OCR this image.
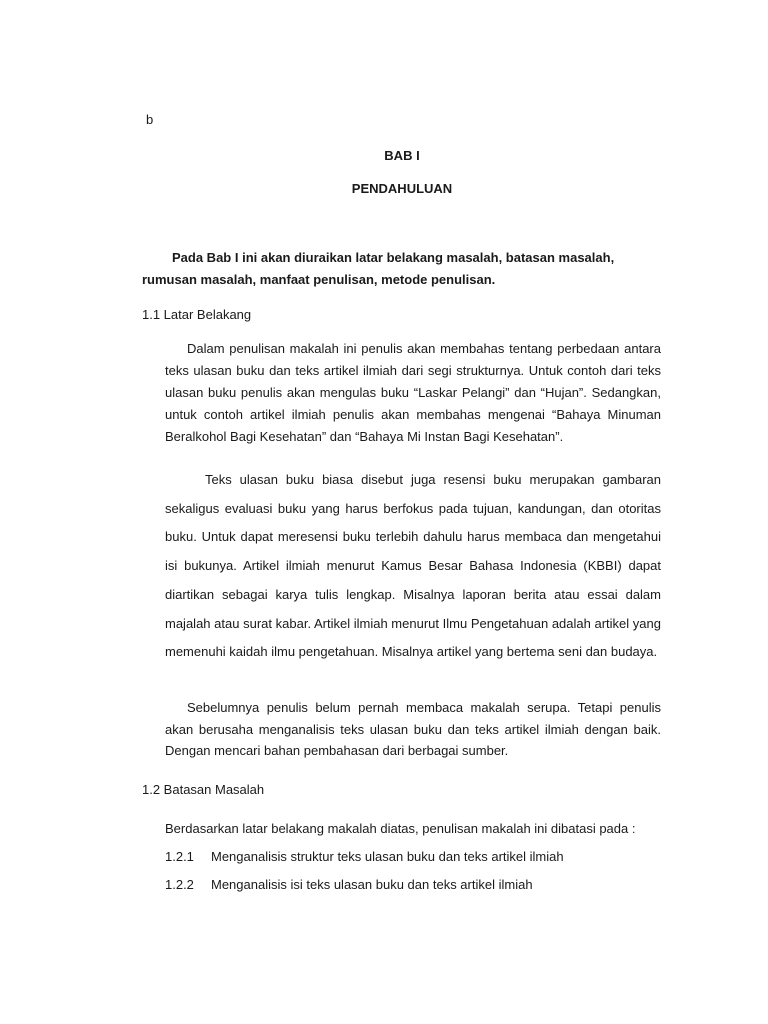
b
BAB I
PENDAHULUAN
Pada Bab I ini akan diuraikan latar belakang masalah, batasan masalah, rumusan masalah, manfaat penulisan, metode penulisan.
1.1 Latar Belakang
Dalam penulisan makalah ini penulis akan membahas tentang perbedaan antara teks ulasan buku dan teks artikel ilmiah dari segi strukturnya. Untuk contoh dari teks ulasan buku penulis akan mengulas buku “Laskar Pelangi” dan “Hujan”. Sedangkan, untuk contoh artikel ilmiah penulis akan membahas mengenai “Bahaya Minuman Beralkohol Bagi Kesehatan” dan “Bahaya Mi Instan Bagi Kesehatan”.
Teks ulasan buku biasa disebut juga resensi buku merupakan gambaran sekaligus evaluasi buku yang harus berfokus pada tujuan, kandungan, dan otoritas buku. Untuk dapat meresensi buku terlebih dahulu harus membaca dan mengetahui isi bukunya. Artikel ilmiah menurut Kamus Besar Bahasa Indonesia (KBBI) dapat diartikan sebagai karya tulis lengkap. Misalnya laporan berita atau essai dalam majalah atau surat kabar. Artikel ilmiah menurut Ilmu Pengetahuan adalah artikel yang memenuhi kaidah ilmu pengetahuan. Misalnya artikel yang bertema seni dan budaya.
Sebelumnya penulis belum pernah membaca makalah serupa. Tetapi penulis akan berusaha menganalisis teks ulasan buku dan teks artikel ilmiah dengan baik. Dengan mencari bahan pembahasan dari berbagai sumber.
1.2 Batasan Masalah
Berdasarkan latar belakang makalah diatas, penulisan makalah ini dibatasi pada :
1.2.1 Menganalisis struktur teks ulasan buku dan teks artikel ilmiah
1.2.2 Menganalisis isi teks ulasan buku dan teks artikel ilmiah
